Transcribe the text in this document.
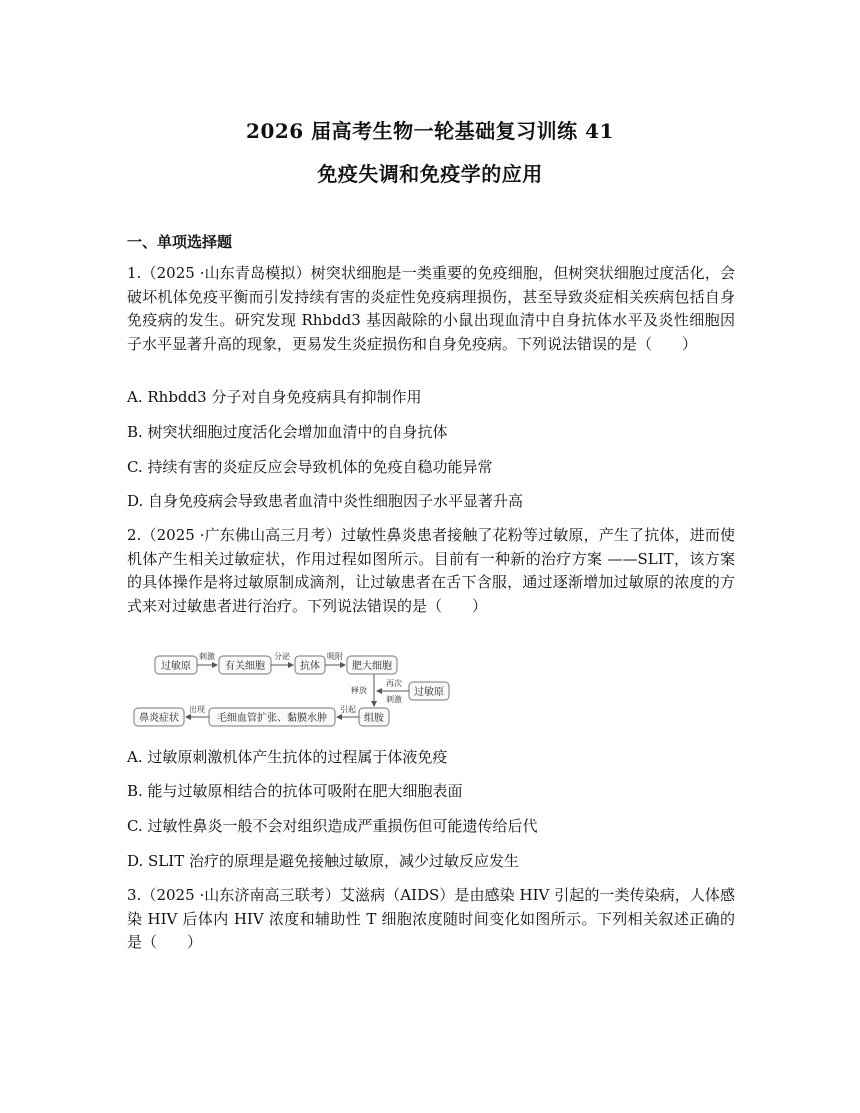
2026 届高考生物一轮基础复习训练 41
免疫失调和免疫学的应用
一、单项选择题
1.（2025 ·山东青岛模拟）树突状细胞是一类重要的免疫细胞，但树突状细胞过度活化，会破坏机体免疫平衡而引发持续有害的炎症性免疫病理损伤，甚至导致炎症相关疾病包括自身免疫病的发生。研究发现 Rhbdd3 基因敲除的小鼠出现血清中自身抗体水平及炎性细胞因子水平显著升高的现象，更易发生炎症损伤和自身免疫病。下列说法错误的是（　　）
A. Rhbdd3 分子对自身免疫病具有抑制作用
B. 树突状细胞过度活化会增加血清中的自身抗体
C. 持续有害的炎症反应会导致机体的免疫自稳功能异常
D. 自身免疫病会导致患者血清中炎性细胞因子水平显著升高
2.（2025 ·广东佛山高三月考）过敏性鼻炎患者接触了花粉等过敏原，产生了抗体，进而使机体产生相关过敏症状，作用过程如图所示。目前有一种新的治疗方案 ——SLIT，该方案的具体操作是将过敏原制成滴剂，让过敏患者在舌下含服，通过逐渐增加过敏原的浓度的方式来对过敏患者进行治疗。下列说法错误的是（　　）
过敏原	有关细胞	抗体	肥大细胞
过敏原
组胺
毛细血管扩张、黏膜水肿
鼻炎症状
刺激	分泌	吸附
再次
刺激
释放
引起
出现
A. 过敏原刺激机体产生抗体的过程属于体液免疫
B. 能与过敏原相结合的抗体可吸附在肥大细胞表面
C. 过敏性鼻炎一般不会对组织造成严重损伤但可能遗传给后代
D. SLIT 治疗的原理是避免接触过敏原，减少过敏反应发生
3.（2025 ·山东济南高三联考）艾滋病（AIDS）是由感染 HIV 引起的一类传染病，人体感染 HIV 后体内 HIV 浓度和辅助性 T 细胞浓度随时间变化如图所示。下列相关叙述正确的是（　　）
